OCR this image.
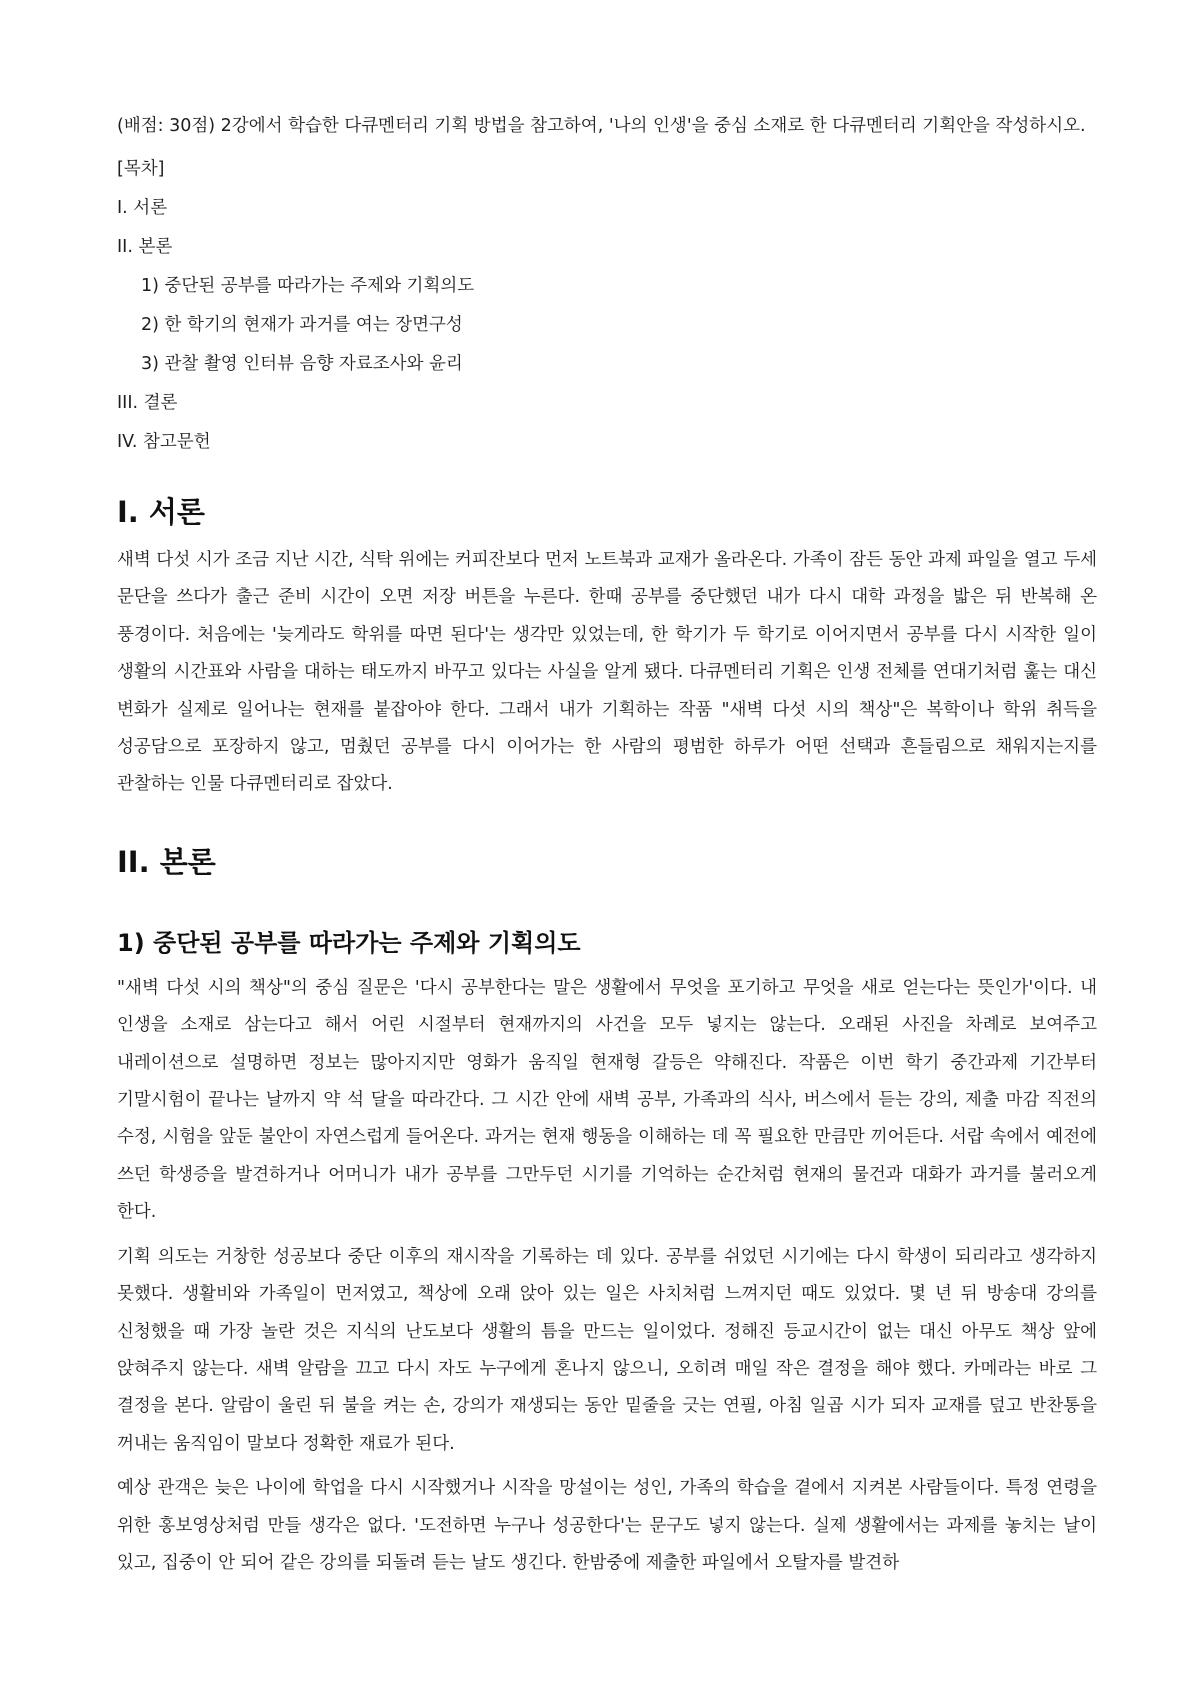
(배점: 30점) 2강에서 학습한 다큐멘터리 기획 방법을 참고하여, '나의 인생'을 중심 소재로 한 다큐멘터리 기획안을 작성하시오.

[목차]

I. 서론

II. 본론

1) 중단된 공부를 따라가는 주제와 기획의도

2) 한 학기의 현재가 과거를 여는 장면구성

3) 관찰 촬영 인터뷰 음향 자료조사와 윤리

III. 결론

IV. 참고문헌

I. 서론

새벽 다섯 시가 조금 지난 시간, 식탁 위에는 커피잔보다 먼저 노트북과 교재가 올라온다. 가족이 잠든 동안 과제 파일을 열고 두세 문단을 쓰다가 출근 준비 시간이 오면 저장 버튼을 누른다. 한때 공부를 중단했던 내가 다시 대학 과정을 밟은 뒤 반복해 온 풍경이다. 처음에는 '늦게라도 학위를 따면 된다'는 생각만 있었는데, 한 학기가 두 학기로 이어지면서 공부를 다시 시작한 일이 생활의 시간표와 사람을 대하는 태도까지 바꾸고 있다는 사실을 알게 됐다. 다큐멘터리 기획은 인생 전체를 연대기처럼 훑는 대신 변화가 실제로 일어나는 현재를 붙잡아야 한다. 그래서 내가 기획하는 작품 "새벽 다섯 시의 책상"은 복학이나 학위 취득을 성공담으로 포장하지 않고, 멈췄던 공부를 다시 이어가는 한 사람의 평범한 하루가 어떤 선택과 흔들림으로 채워지는지를 관찰하는 인물 다큐멘터리로 잡았다.

II. 본론
1) 중단된 공부를 따라가는 주제와 기획의도

"새벽 다섯 시의 책상"의 중심 질문은 '다시 공부한다는 말은 생활에서 무엇을 포기하고 무엇을 새로 얻는다는 뜻인가'이다. 내 인생을 소재로 삼는다고 해서 어린 시절부터 현재까지의 사건을 모두 넣지는 않는다. 오래된 사진을 차례로 보여주고 내레이션으로 설명하면 정보는 많아지지만 영화가 움직일 현재형 갈등은 약해진다. 작품은 이번 학기 중간과제 기간부터 기말시험이 끝나는 날까지 약 석 달을 따라간다. 그 시간 안에 새벽 공부, 가족과의 식사, 버스에서 듣는 강의, 제출 마감 직전의 수정, 시험을 앞둔 불안이 자연스럽게 들어온다. 과거는 현재 행동을 이해하는 데 꼭 필요한 만큼만 끼어든다. 서랍 속에서 예전에 쓰던 학생증을 발견하거나 어머니가 내가 공부를 그만두던 시기를 기억하는 순간처럼 현재의 물건과 대화가 과거를 불러오게 한다.

기획 의도는 거창한 성공보다 중단 이후의 재시작을 기록하는 데 있다. 공부를 쉬었던 시기에는 다시 학생이 되리라고 생각하지 못했다. 생활비와 가족일이 먼저였고, 책상에 오래 앉아 있는 일은 사치처럼 느껴지던 때도 있었다. 몇 년 뒤 방송대 강의를 신청했을 때 가장 놀란 것은 지식의 난도보다 생활의 틈을 만드는 일이었다. 정해진 등교시간이 없는 대신 아무도 책상 앞에 앉혀주지 않는다. 새벽 알람을 끄고 다시 자도 누구에게 혼나지 않으니, 오히려 매일 작은 결정을 해야 했다. 카메라는 바로 그 결정을 본다. 알람이 울린 뒤 불을 켜는 손, 강의가 재생되는 동안 밑줄을 긋는 연필, 아침 일곱 시가 되자 교재를 덮고 반찬통을 꺼내는 움직임이 말보다 정확한 재료가 된다.

예상 관객은 늦은 나이에 학업을 다시 시작했거나 시작을 망설이는 성인, 가족의 학습을 곁에서 지켜본 사람들이다. 특정 연령을 위한 홍보영상처럼 만들 생각은 없다. '도전하면 누구나 성공한다'는 문구도 넣지 않는다. 실제 생활에서는 과제를 놓치는 날이 있고, 집중이 안 되어 같은 강의를 되돌려 듣는 날도 생긴다. 한밤중에 제출한 파일에서 오탈자를 발견하
